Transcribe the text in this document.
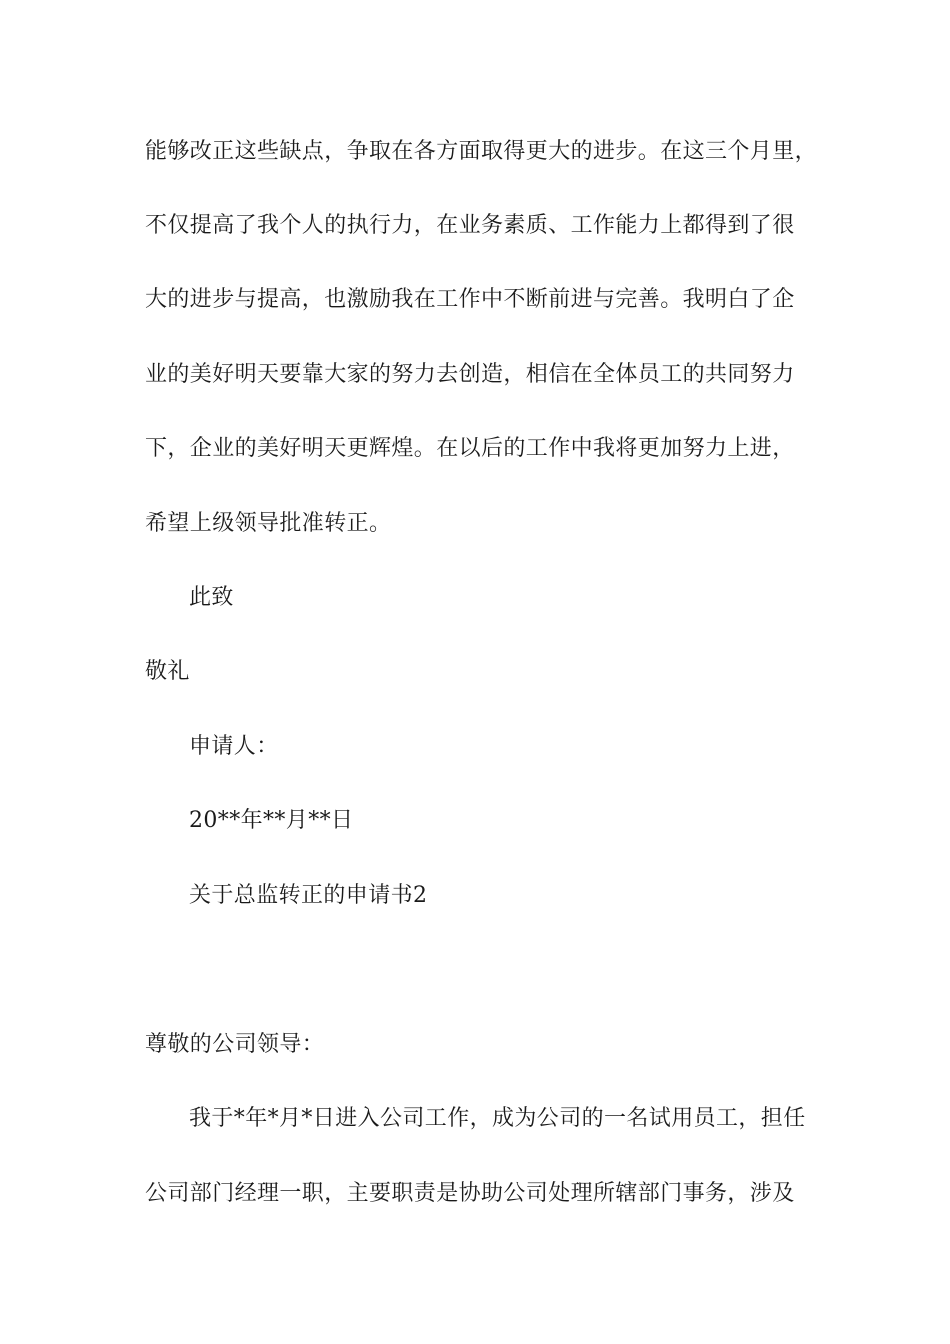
能够改正这些缺点，争取在各方面取得更大的进步。在这三个月里，
不仅提高了我个人的执行力，在业务素质、工作能力上都得到了很
大的进步与提高，也激励我在工作中不断前进与完善。我明白了企
业的美好明天要靠大家的努力去创造，相信在全体员工的共同努力
下，企业的美好明天更辉煌。在以后的工作中我将更加努力上进，
希望上级领导批准转正。
此致
敬礼
申请人：
20**年**月**日
关于总监转正的申请书2
尊敬的公司领导：
我于*年*月*日进入公司工作，成为公司的一名试用员工，担任
公司部门经理一职，主要职责是协助公司处理所辖部门事务，涉及
